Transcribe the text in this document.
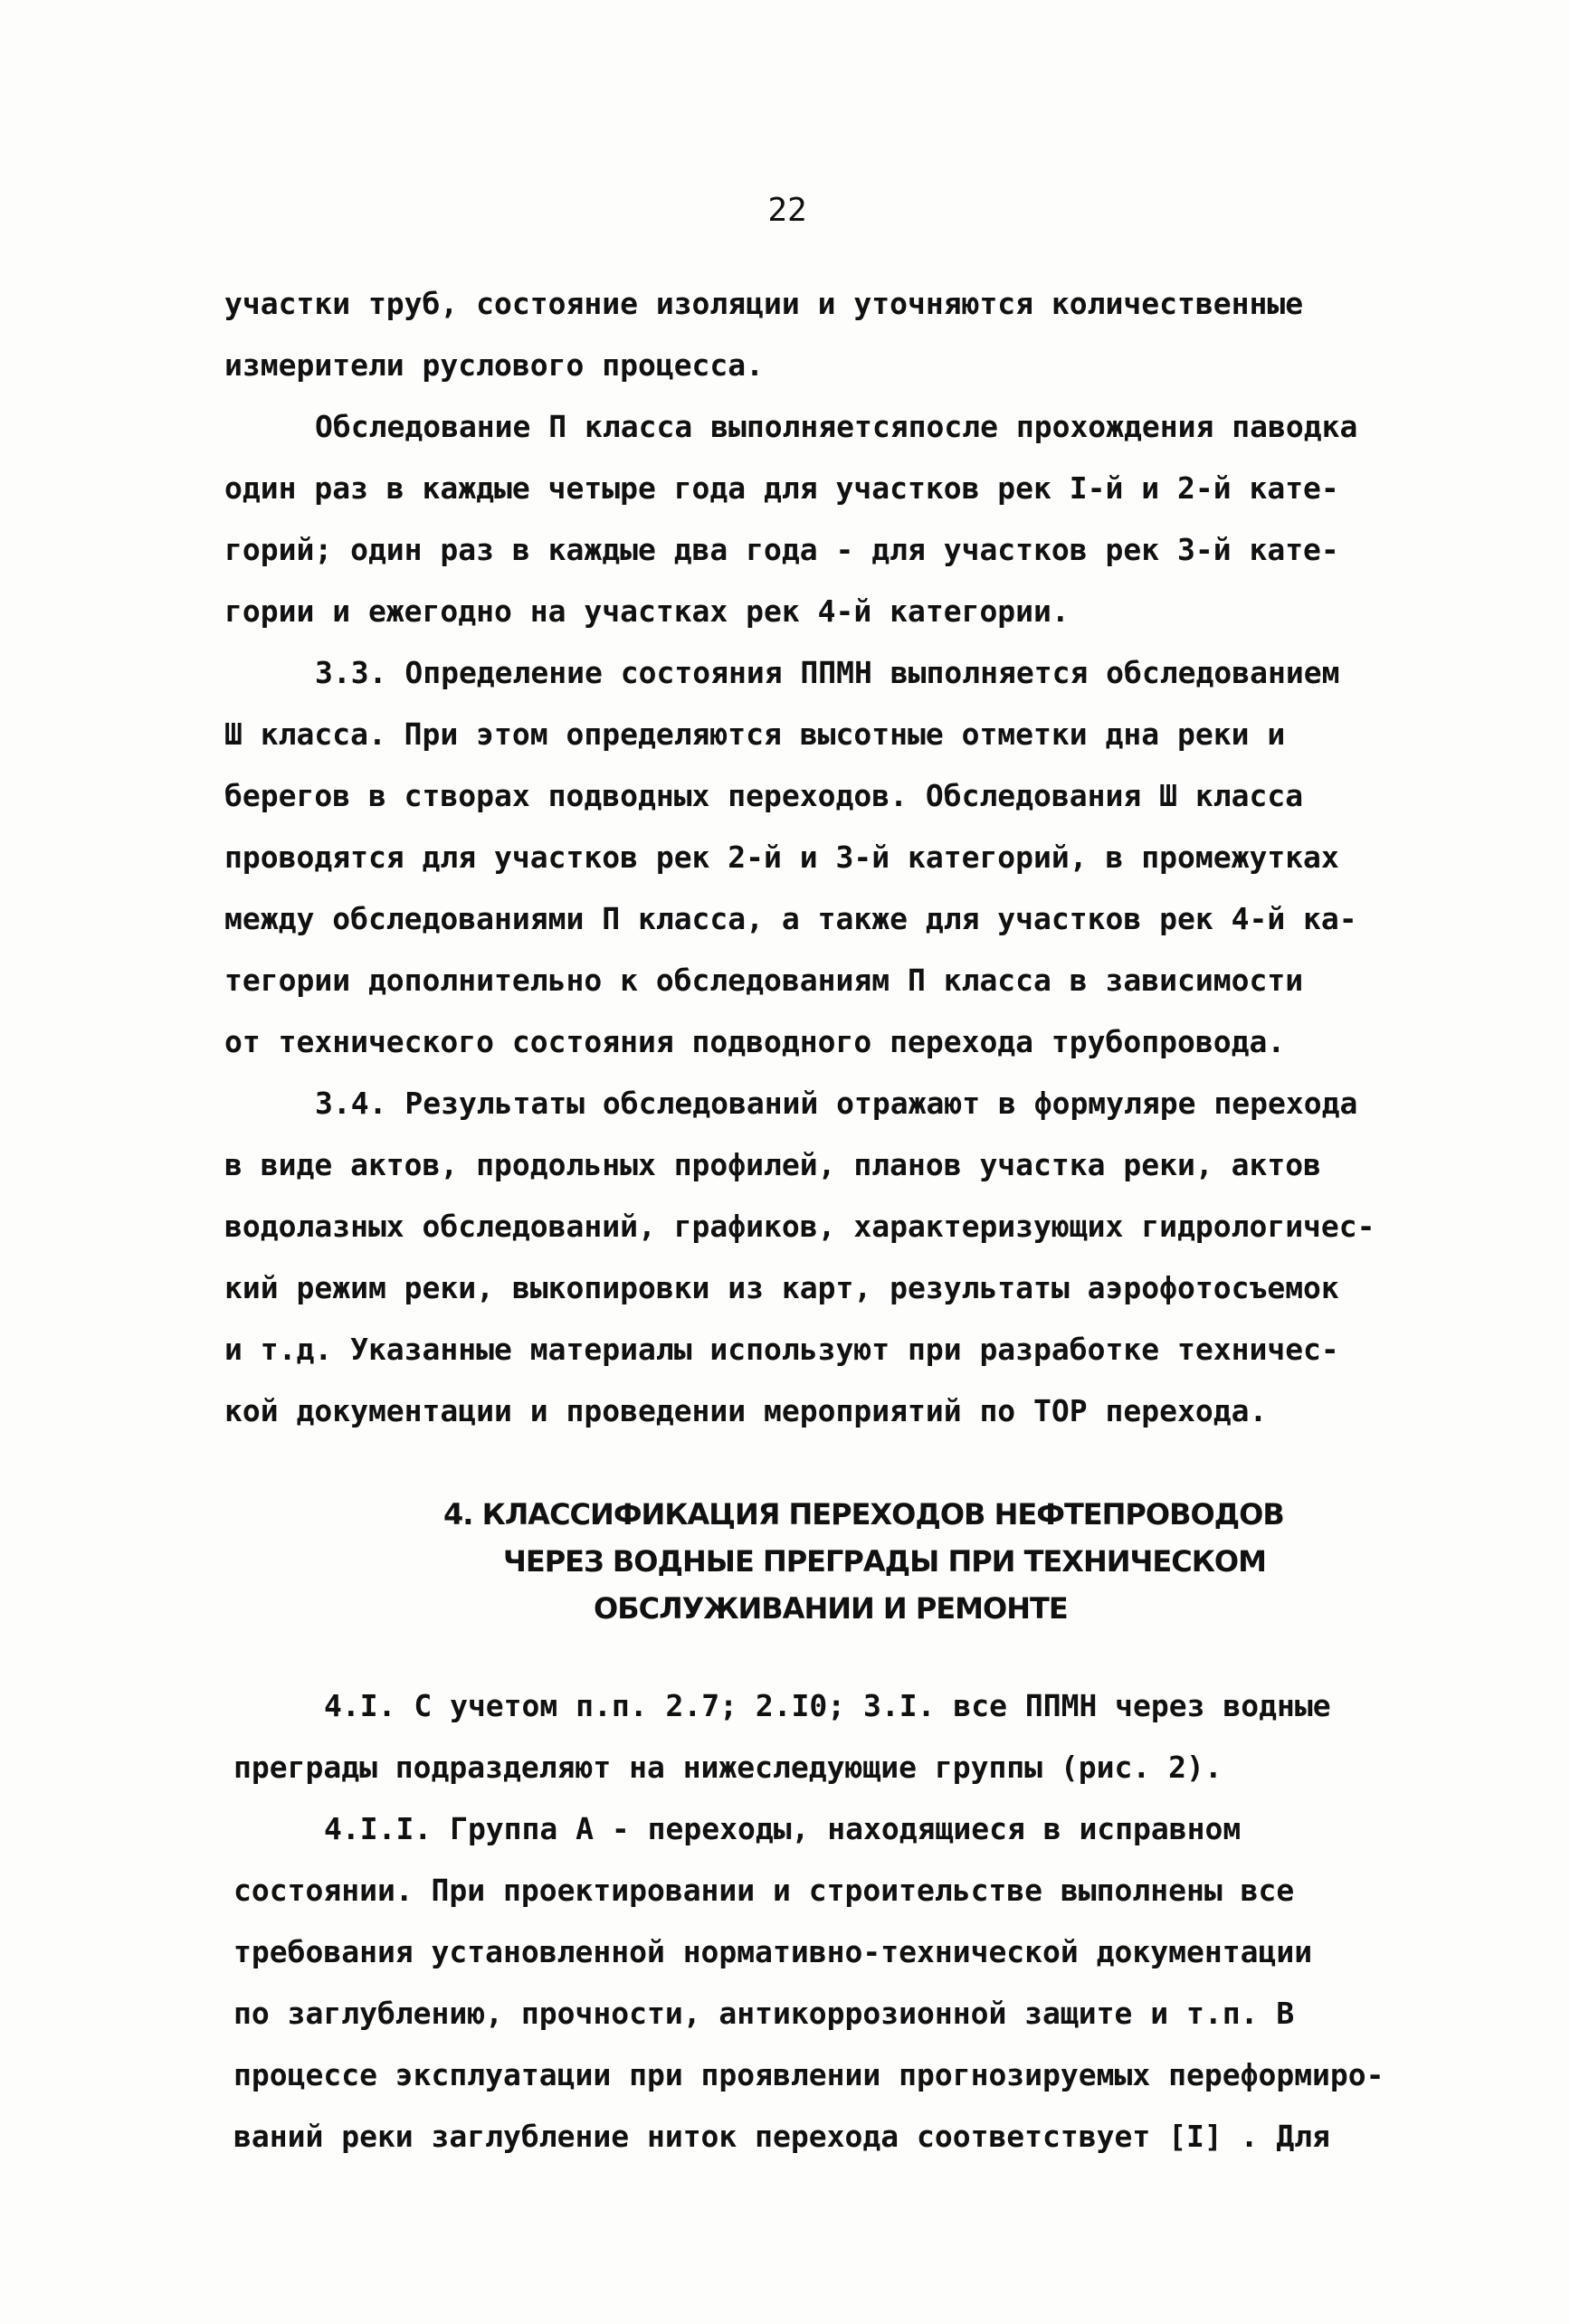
22
участки труб, состояние изоляции и уточняются количественные
измерители руслового процесса.
Обследование П класса выполняетсяпосле прохождения паводка
один раз в каждые четыре года для участков рек I-й и 2-й кате-
горий; один раз в каждые два года - для участков рек 3-й кате-
гории и ежегодно на участках рек 4-й категории.
3.3. Определение состояния ППМН выполняется обследованием
Ш класса. При этом определяются высотные отметки дна реки и
берегов в створах подводных переходов. Обследования Ш класса
проводятся для участков рек 2-й и 3-й категорий, в промежутках
между обследованиями П класса, а также для участков рек 4-й ка-
тегории дополнительно к обследованиям П класса в зависимости
от технического состояния подводного перехода трубопровода.
3.4. Результаты обследований отражают в формуляре перехода
в виде актов, продольных профилей, планов участка реки, актов
водолазных обследований, графиков, характеризующих гидрологичес-
кий режим реки, выкопировки из карт, результаты аэрофотосъемок
и т.д. Указанные материалы используют при разработке техничес-
кой документации и проведении мероприятий по ТОР перехода.
4. КЛАССИФИКАЦИЯ ПЕРЕХОДОВ НЕФТЕПРОВОДОВ
ЧЕРЕЗ ВОДНЫЕ ПРЕГРАДЫ ПРИ ТЕХНИЧЕСКОМ
ОБСЛУЖИВАНИИ И РЕМОНТЕ
4.I. С учетом п.п. 2.7; 2.I0; 3.I. все ППМН через водные
преграды подразделяют на нижеследующие группы (рис. 2).
4.I.I. Группа А - переходы, находящиеся в исправном
состоянии. При проектировании и строительстве выполнены все
требования установленной нормативно-технической документации
по заглублению, прочности, антикоррозионной защите и т.п. В
процессе эксплуатации при проявлении прогнозируемых переформиро-
ваний реки заглубление ниток перехода соответствует [I] . Для
